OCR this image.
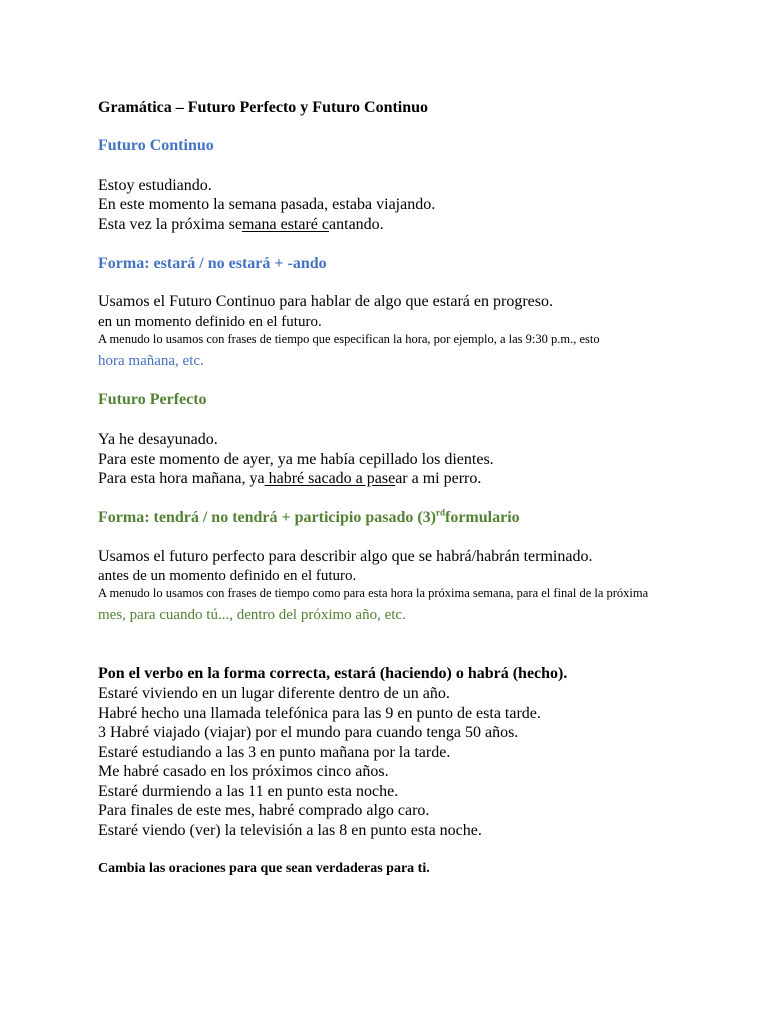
Gramática – Futuro Perfecto y Futuro Continuo
Futuro Continuo
Estoy estudiando.
En este momento la semana pasada, estaba viajando.
Esta vez la próxima semana estaré cantando.
Forma: estará / no estará + -ando
Usamos el Futuro Continuo para hablar de algo que estará en progreso.
en un momento definido en el futuro.
A menudo lo usamos con frases de tiempo que especifican la hora, por ejemplo, a las 9:30 p.m., esto
hora mañana, etc.
Futuro Perfecto
Ya he desayunado.
Para este momento de ayer, ya me había cepillado los dientes.
Para esta hora mañana, ya habré sacado a pasear a mi perro.
Forma: tendrá / no tendrá + participio pasado $(3)^{rd}formulario$
Usamos el futuro perfecto para describir algo que se habrá/habrán terminado.
antes de un momento definido en el futuro.
A menudo lo usamos con frases de tiempo como para esta hora la próxima semana, para el final de la próxima
mes, para cuando tú..., dentro del próximo año, etc.
Pon el verbo en la forma correcta, estará (haciendo) o habrá (hecho).
Estaré viviendo en un lugar diferente dentro de un año.
Habré hecho una llamada telefónica para las 9 en punto de esta tarde.
3 Habré viajado (viajar) por el mundo para cuando tenga 50 años.
Estaré estudiando a las 3 en punto mañana por la tarde.
Me habré casado en los próximos cinco años.
Estaré durmiendo a las 11 en punto esta noche.
Para finales de este mes, habré comprado algo caro.
Estaré viendo (ver) la televisión a las 8 en punto esta noche.
Cambia las oraciones para que sean verdaderas para ti.
